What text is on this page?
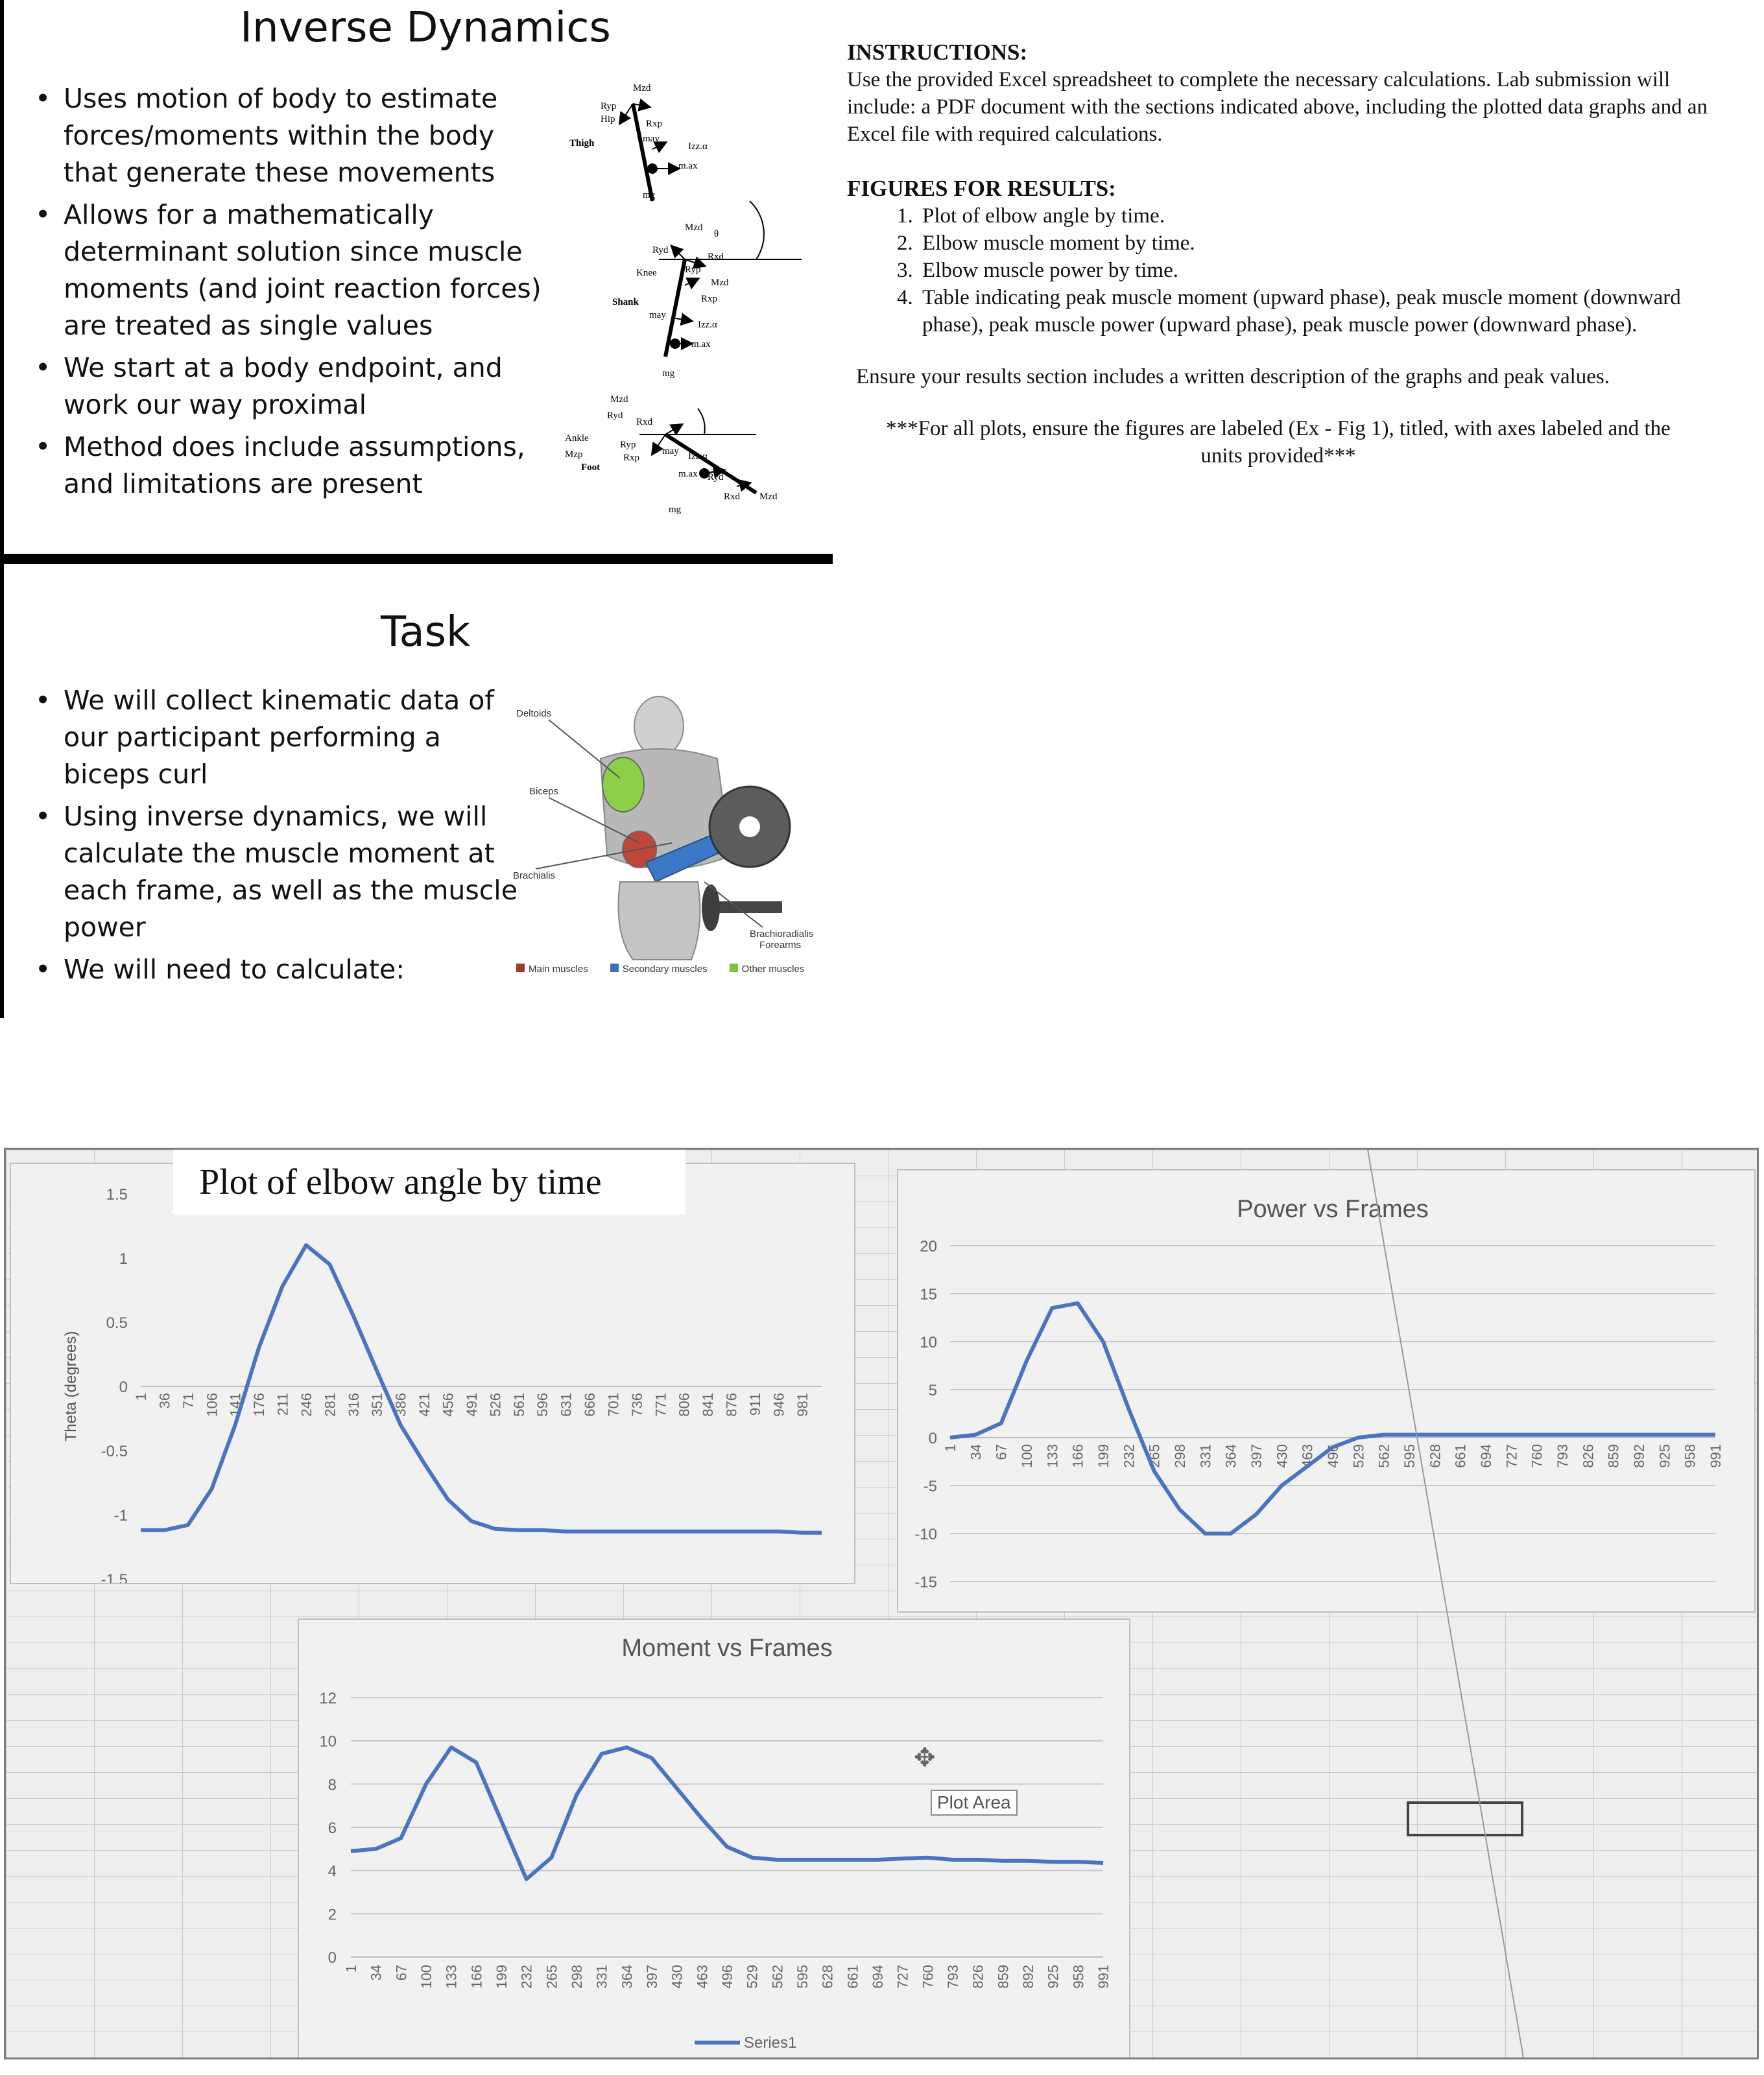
Inverse Dynamics
• Uses motion of body to estimate forces/moments within the body that generate these movements
• Allows for a mathematically determinant solution since muscle moments (and joint reaction forces) are treated as single values
• We start at a body endpoint, and work our way proximal
• Method does include assumptions, and limitations are present
Mzd
Ryp
Hip	Rxp
Thigh	may
Izz.α
m.ax
mg
Mzd
θ
Ryd
Rxd
Knee	Ryp
Mzd
Rxp
Shank
may
Izz.α
m.ax
mg
Mzd
Ryd
Rxd
Ankle
Mzp
Ryp
Rxp
may Izz.α
Foot
m.ax Ryd
Rxd Mzd
mg
Task
• We will collect kinematic data of our participant performing a biceps curl
• Using inverse dynamics, we will calculate the muscle moment at each frame, as well as the muscle power
• We will need to calculate:
Deltoids
Biceps
Brachialis
Brachioradialis
Forearms
Main muscles	Secondary muscles	Other muscles
INSTRUCTIONS:
Use the provided Excel spreadsheet to complete the necessary calculations. Lab submission will include: a PDF document with the sections indicated above, including the plotted data graphs and an Excel file with required calculations.
FIGURES FOR RESULTS:
1. Plot of elbow angle by time.
2. Elbow muscle moment by time.
3. Elbow muscle power by time.
4. Table indicating peak muscle moment (upward phase), peak muscle moment (downward phase), peak muscle power (upward phase), peak muscle power (downward phase).
Ensure your results section includes a written description of the graphs and peak values.
***For all plots, ensure the figures are labeled (Ex - Fig 1), titled, with axes labeled and the units provided***
1.5
1
0.5
0
-0.5
-1
-1.5
1 36 71 106 141 176 211 246 281 316 351 386 421 456 491 526 561 596 631 666 701 736 771 806 841 876 911 946 981
Theta (degrees)
Plot of elbow angle by time
Power vs Frames
20
15
10
5
0
-5
-10
-15
1 34 67 100 133 166 199 232 265 298 331 364 397 430 463 496 529 562 595 628 661 694 727 760 793 826 859 892 925 958 991
Moment vs Frames
12
10
8
6
4
2
0
1 34 67 100 133 166 199 232 265 298 331 364 397 430 463 496 529 562 595 628 661 694 727 760 793 826 859 892 925 958 991
Series1
Plot Area
✥
